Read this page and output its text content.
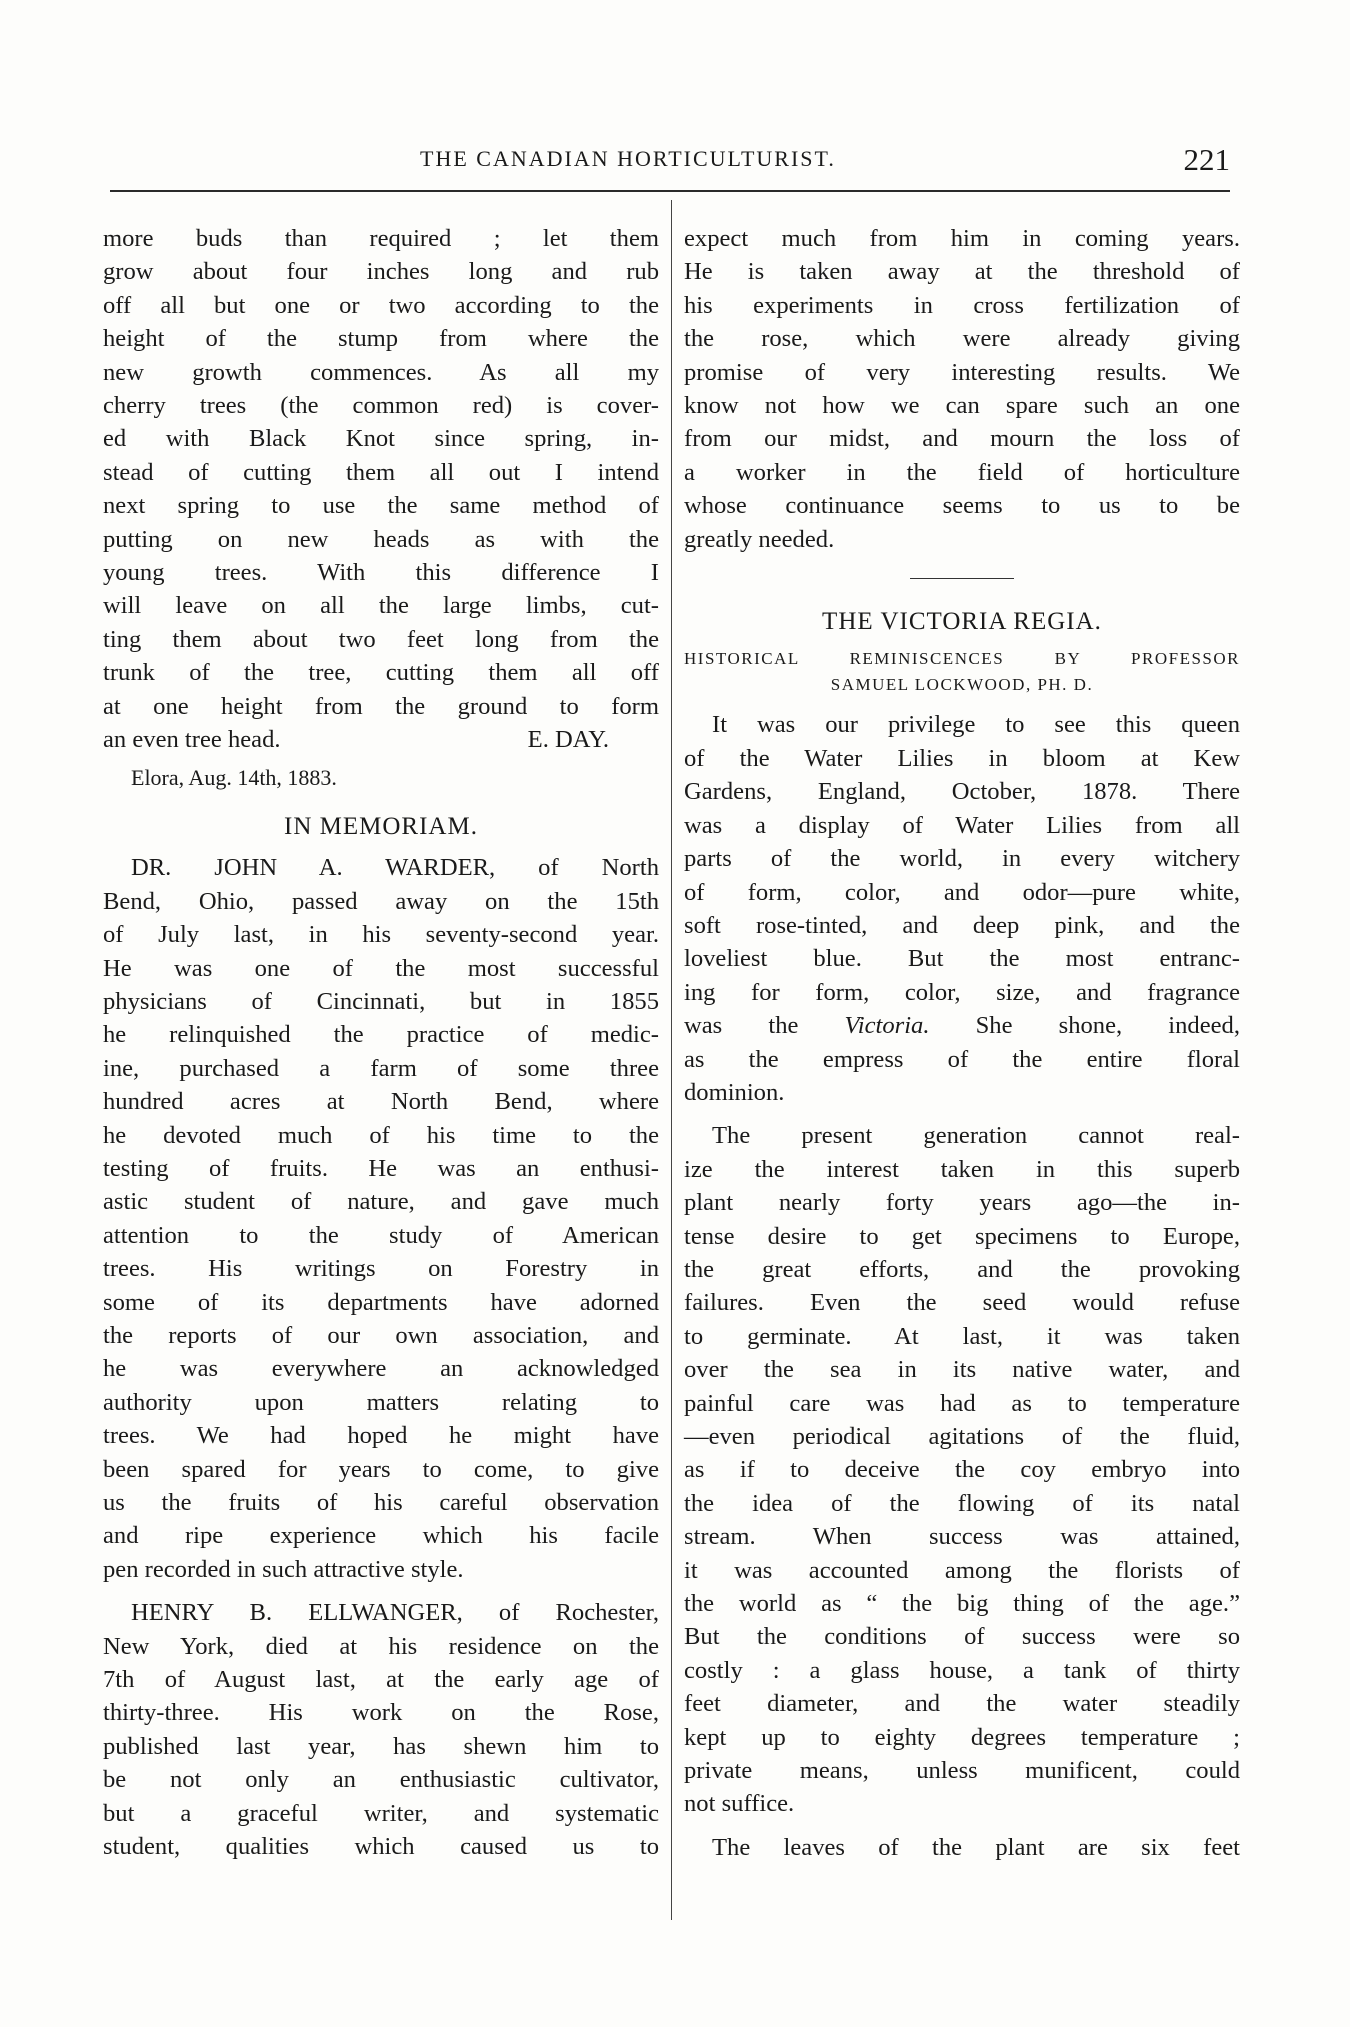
THE CANADIAN HORTICULTURIST.	221

more buds than required ; let them
grow about four inches long and rub
off all but one or two according to the
height of the stump from where the
new growth commences. As all my
cherry trees (the common red) is cover-
ed with Black Knot since spring, in-
stead of cutting them all out I intend
next spring to use the same method of
putting on new heads as with the
young trees. With this difference I
will leave on all the large limbs, cut-
ting them about two feet long from the
trunk of the tree, cutting them all off
at one height from the ground to form
an even tree head.	E. DAY.

Elora, Aug. 14th, 1883.
IN MEMORIAM.

DR. JOHN A. WARDER, of North
Bend, Ohio, passed away on the 15th
of July last, in his seventy-second year.
He was one of the most successful
physicians of Cincinnati, but in 1855
he relinquished the practice of medic-
ine, purchased a farm of some three
hundred acres at North Bend, where
he devoted much of his time to the
testing of fruits. He was an enthusi-
astic student of nature, and gave much
attention to the study of American
trees. His writings on Forestry in
some of its departments have adorned
the reports of our own association, and
he was everywhere an acknowledged
authority upon matters relating to
trees. We had hoped he might have
been spared for years to come, to give
us the fruits of his careful observation
and ripe experience which his facile
pen recorded in such attractive style.

HENRY B. ELLWANGER, of Rochester,
New York, died at his residence on the
7th of August last, at the early age of
thirty-three. His work on the Rose,
published last year, has shewn him to
be not only an enthusiastic cultivator,
but a graceful writer, and systematic
student, qualities which caused us to

expect much from him in coming years.
He is taken away at the threshold of
his experiments in cross fertilization of
the rose, which were already giving
promise of very interesting results. We
know not how we can spare such an one
from our midst, and mourn the loss of
a worker in the field of horticulture
whose continuance seems to us to be
greatly needed.

THE VICTORIA REGIA.
HISTORICAL REMINISCENCES BY PROFESSOR
SAMUEL LOCKWOOD, PH. D.

It was our privilege to see this queen
of the Water Lilies in bloom at Kew
Gardens, England, October, 1878. There
was a display of Water Lilies from all
parts of the world, in every witchery
of form, color, and odor—pure white,
soft rose-tinted, and deep pink, and the
loveliest blue. But the most entranc-
ing for form, color, size, and fragrance
was the Victoria. She shone, indeed,
as the empress of the entire floral
dominion.

The present generation cannot real-
ize the interest taken in this superb
plant nearly forty years ago—the in-
tense desire to get specimens to Europe,
the great efforts, and the provoking
failures. Even the seed would refuse
to germinate. At last, it was taken
over the sea in its native water, and
painful care was had as to temperature
—even periodical agitations of the fluid,
as if to deceive the coy embryo into
the idea of the flowing of its natal
stream. When success was attained,
it was accounted among the florists of
the world as “ the big thing of the age.”
But the conditions of success were so
costly : a glass house, a tank of thirty
feet diameter, and the water steadily
kept up to eighty degrees temperature ;
private means, unless munificent, could
not suffice.

The leaves of the plant are six feet
